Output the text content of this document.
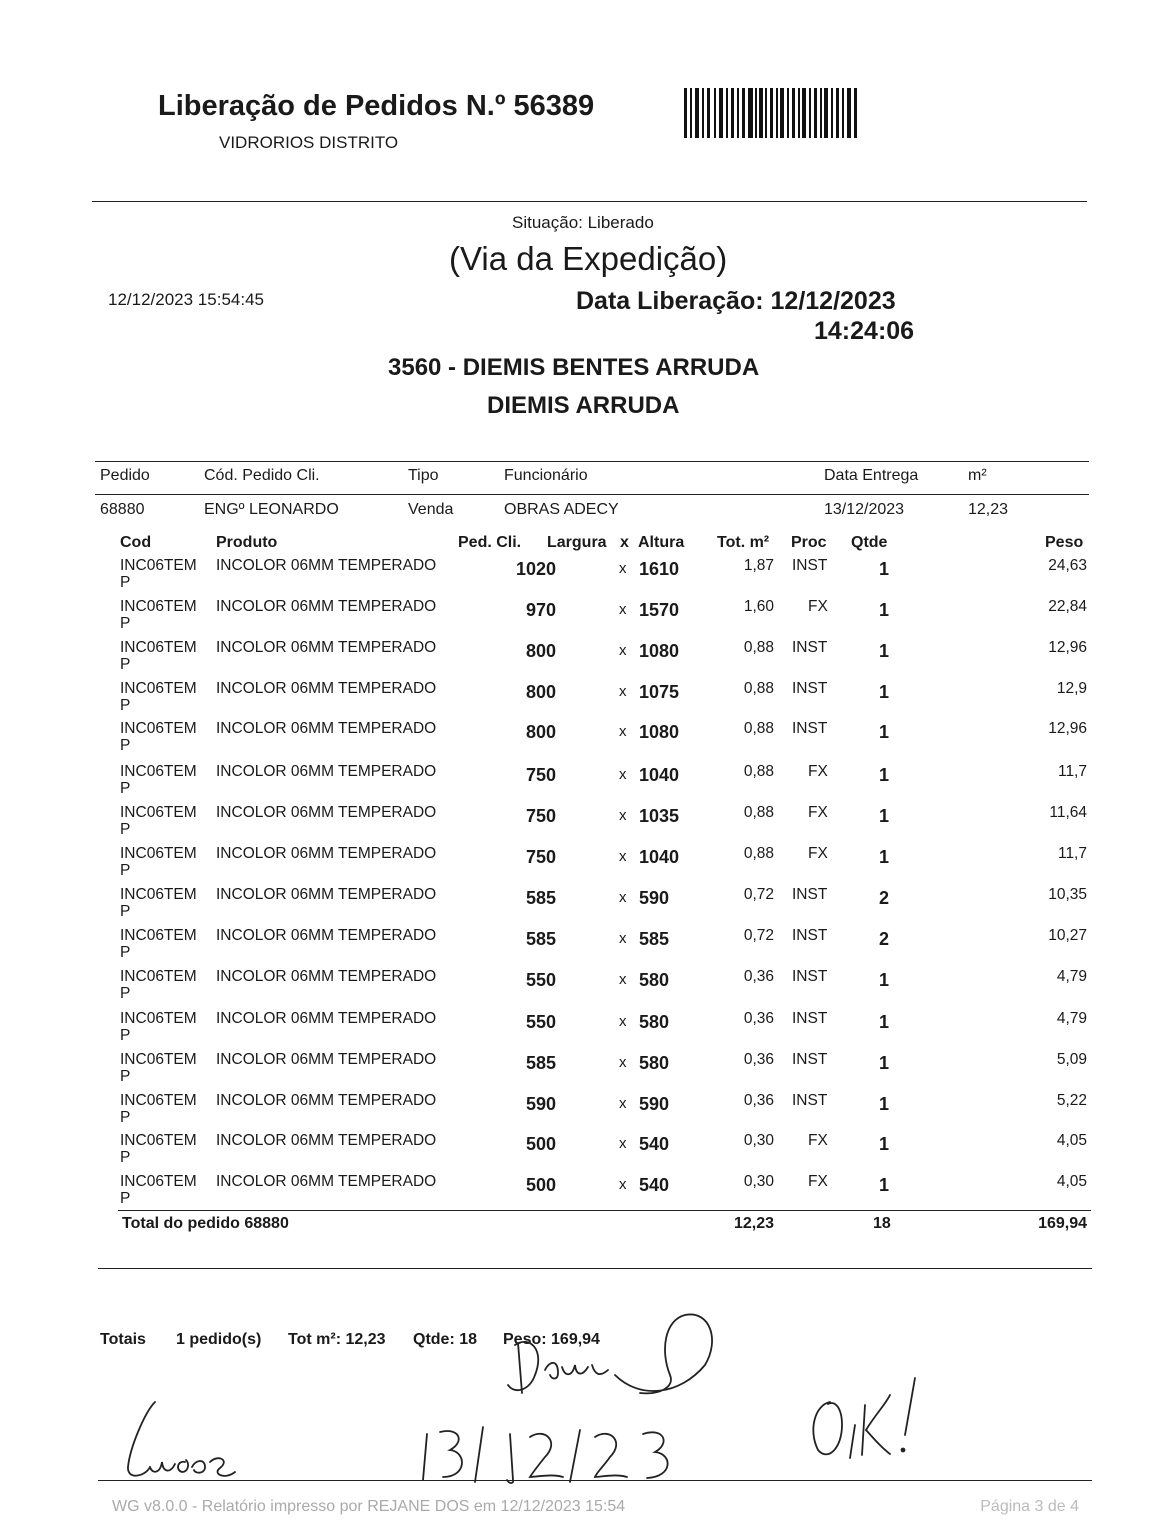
Liberação de Pedidos N.º 56389
VIDRORIOS DISTRITO
Situação: Liberado
(Via da Expedição)
12/12/2023 15:54:45	Data Liberação: 12/12/2023
14:24:06
3560 - DIEMIS BENTES ARRUDA
DIEMIS ARRUDA
Pedido	Cód. Pedido Cli.	Tipo	Funcionário	Data Entrega	m²
68880	ENGº LEONARDO	Venda	OBRAS ADECY	13/12/2023	12,23
Cod	Produto	Ped. Cli. Largura x Altura Tot. m² Proc Qtde	Peso
INC06TEMP
INCOLOR 06MM TEMPERADO	1020	x 1610	1,87 INST	1	24,63
INC06TEMP
INCOLOR 06MM TEMPERADO	970	x 1570	1,60 FX	1	22,84
INC06TEMP
INCOLOR 06MM TEMPERADO	800	x 1080	0,88 INST	1	12,96
INC06TEMP
INCOLOR 06MM TEMPERADO	800	x 1075	0,88 INST	1	12,9
INC06TEMP
INCOLOR 06MM TEMPERADO	800	x 1080	0,88 INST	1	12,96
INC06TEMP
INCOLOR 06MM TEMPERADO	750	x 1040	0,88 FX	1	11,7
INC06TEMP
INCOLOR 06MM TEMPERADO	750	x 1035	0,88 FX	1	11,64
INC06TEMP
INCOLOR 06MM TEMPERADO	750	x 1040	0,88 FX	1	11,7
INC06TEMP
INCOLOR 06MM TEMPERADO	585	x 590	0,72 INST	2	10,35
INC06TEMP
INCOLOR 06MM TEMPERADO	585	x 585	0,72 INST	2	10,27
INC06TEMP
INCOLOR 06MM TEMPERADO	550	x 580	0,36 INST	1	4,79
INC06TEMP
INCOLOR 06MM TEMPERADO	550	x 580	0,36 INST	1	4,79
INC06TEMP
INCOLOR 06MM TEMPERADO	585	x 580	0,36 INST	1	5,09
INC06TEMP
INCOLOR 06MM TEMPERADO	590	x 590	0,36 INST	1	5,22
INC06TEMP
INCOLOR 06MM TEMPERADO	500	x 540	0,30 FX	1	4,05
INC06TEMP
INCOLOR 06MM TEMPERADO	500	x 540	0,30 FX	1	4,05
Total do pedido 68880	12,23	18	169,94
Totais 1 pedido(s) Tot m²: 12,23 Qtde: 18 Peso: 169,94
WG v8.0.0 - Relatório impresso por REJANE DOS em 12/12/2023 15:54	Página 3 de 4
